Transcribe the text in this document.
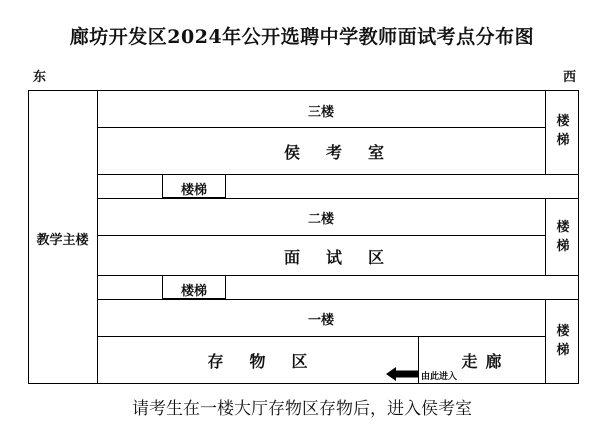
廊坊开发区2024年公开选聘中学教师面试考点分布图
东	西
教学主楼
三楼
侯考室
楼梯
楼梯
二楼
面试区
楼梯
楼梯
一楼
存物区	走廊
楼梯
由此进入
请考生在一楼大厅存物区存物后，进入侯考室
